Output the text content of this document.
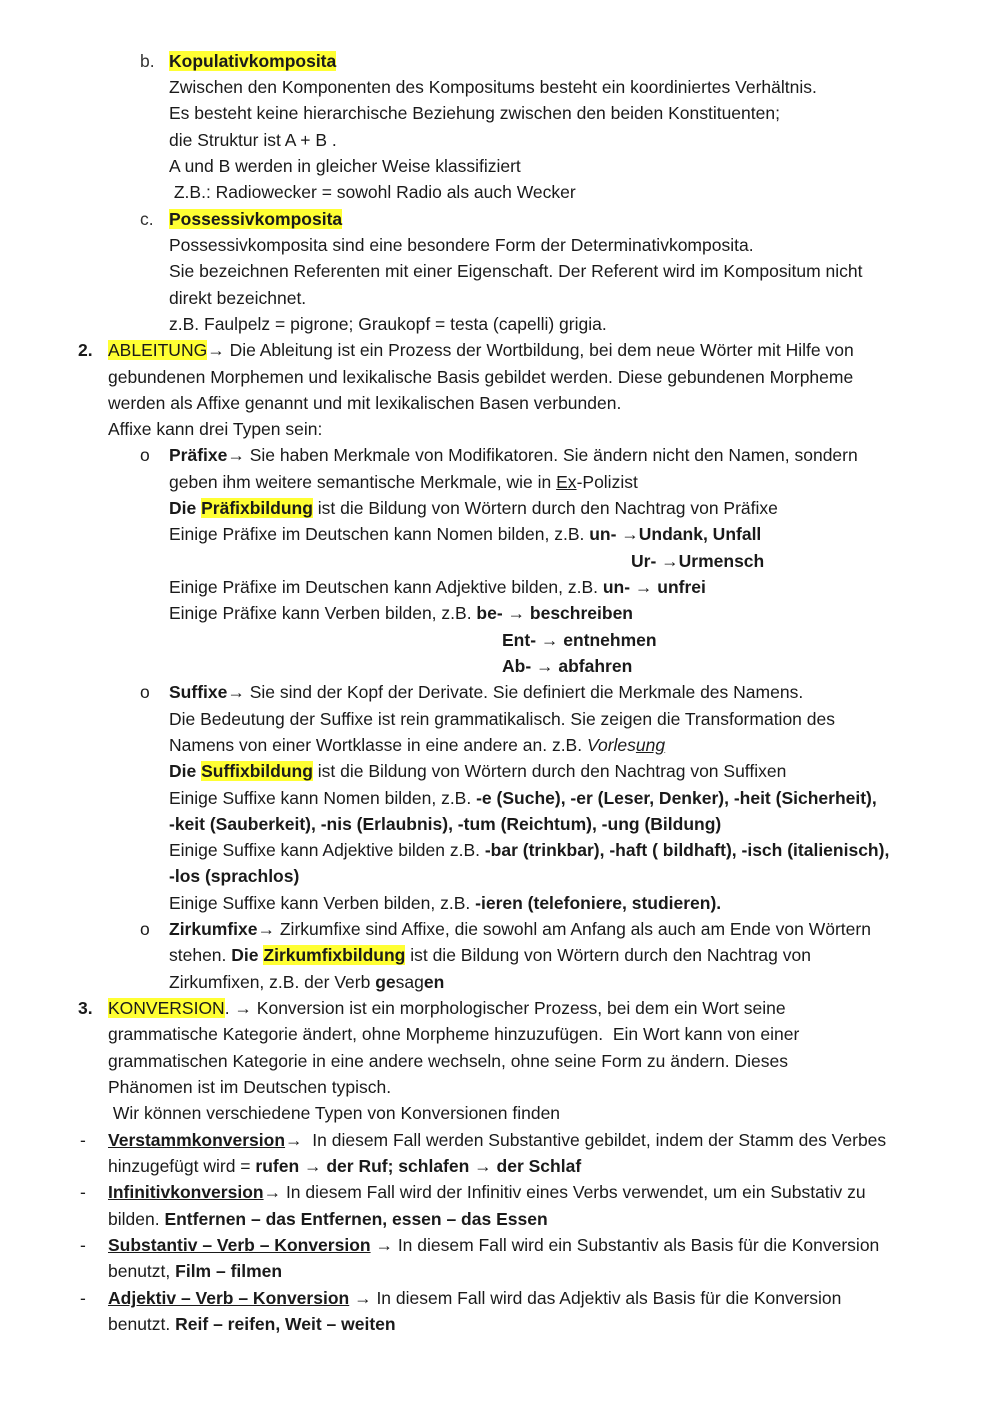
b. Kopulativkomposita
Zwischen den Komponenten des Kompositums besteht ein koordiniertes Verhältnis.
Es besteht keine hierarchische Beziehung zwischen den beiden Konstituenten;
die Struktur ist A + B .
A und B werden in gleicher Weise klassifiziert
Z.B.: Radiowecker = sowohl Radio als auch Wecker
c. Possessivkomposita
Possessivkomposita sind eine besondere Form der Determinativkomposita.
Sie bezeichnen Referenten mit einer Eigenschaft. Der Referent wird im Kompositum nicht
direkt bezeichnet.
z.B. Faulpelz = pigrone; Graukopf = testa (capelli) grigia.
2. ABLEITUNG→ Die Ableitung ist ein Prozess der Wortbildung, bei dem neue Wörter mit Hilfe von
gebundenen Morphemen und lexikalische Basis gebildet werden. Diese gebundenen Morpheme
werden als Affixe genannt und mit lexikalischen Basen verbunden.
Affixe kann drei Typen sein:
o Präfixe→ Sie haben Merkmale von Modifikatoren. Sie ändern nicht den Namen, sondern
geben ihm weitere semantische Merkmale, wie in Ex-Polizist
Die Präfixbildung ist die Bildung von Wörtern durch den Nachtrag von Präfixe
Einige Präfixe im Deutschen kann Nomen bilden, z.B. un- →Undank, Unfall
Ur- →Urmensch
Einige Präfixe im Deutschen kann Adjektive bilden, z.B. un- → unfrei
Einige Präfixe kann Verben bilden, z.B. be- → beschreiben
Ent- → entnehmen
Ab- → abfahren
o Suffixe→ Sie sind der Kopf der Derivate. Sie definiert die Merkmale des Namens.
Die Bedeutung der Suffixe ist rein grammatikalisch. Sie zeigen die Transformation des
Namens von einer Wortklasse in eine andere an. z.B. Vorlesung
Die Suffixbildung ist die Bildung von Wörtern durch den Nachtrag von Suffixen
Einige Suffixe kann Nomen bilden, z.B. -e (Suche), -er (Leser, Denker), -heit (Sicherheit),
-keit (Sauberkeit), -nis (Erlaubnis), -tum (Reichtum), -ung (Bildung)
Einige Suffixe kann Adjektive bilden z.B. -bar (trinkbar), -haft ( bildhaft), -isch (italienisch),
-los (sprachlos)
Einige Suffixe kann Verben bilden, z.B. -ieren (telefoniere, studieren).
o Zirkumfixe→ Zirkumfixe sind Affixe, die sowohl am Anfang als auch am Ende von Wörtern
stehen. Die Zirkumfixbildung ist die Bildung von Wörtern durch den Nachtrag von
Zirkumfixen, z.B. der Verb gesagen
3. KONVERSION. → Konversion ist ein morphologischer Prozess, bei dem ein Wort seine
grammatische Kategorie ändert, ohne Morpheme hinzuzufügen.  Ein Wort kann von einer
grammatischen Kategorie in eine andere wechseln, ohne seine Form zu ändern. Dieses
Phänomen ist im Deutschen typisch.
Wir können verschiedene Typen von Konversionen finden
- Verstammkonversion→  In diesem Fall werden Substantive gebildet, indem der Stamm des Verbes
hinzugefügt wird = rufen → der Ruf; schlafen → der Schlaf
- Infinitivkonversion→ In diesem Fall wird der Infinitiv eines Verbs verwendet, um ein Substativ zu
bilden. Entfernen – das Entfernen, essen – das Essen
- Substantiv – Verb – Konversion → In diesem Fall wird ein Substantiv als Basis für die Konversion
benutzt, Film – filmen
- Adjektiv – Verb – Konversion → In diesem Fall wird das Adjektiv als Basis für die Konversion
benutzt. Reif – reifen, Weit – weiten
